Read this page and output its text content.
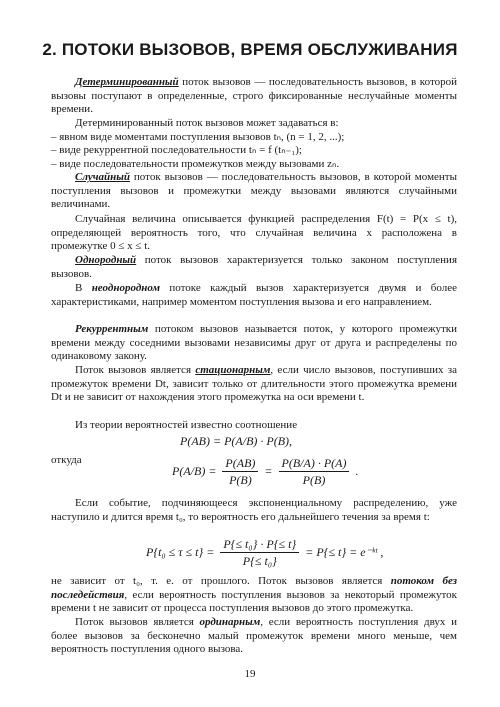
2. ПОТОКИ ВЫЗОВОВ, ВРЕМЯ ОБСЛУЖИВАНИЯ

Детерминированный поток вызовов — последовательность вызовов, в которой вызовы поступают в определенные, строго фиксированные неслучайные моменты времени.

Детерминированный поток вызовов может задаваться в:
– явном виде моментами поступления вызовов tₙ, (n = 1, 2, ...);
– виде рекуррентной последовательности tₙ = f (tₙ₋₁);
– виде последовательности промежутков между вызовами zₙ.

Случайный поток вызовов — последовательность вызовов, в которой моменты поступления вызовов и промежутки между вызовами являются случайными величинами.

Случайная величина описывается функцией распределения F(t) = P(x ≤ t), определяющей вероятность того, что случайная величина x расположена в промежутке 0 ≤ x ≤ t.

Однородный поток вызовов характеризуется только законом поступления вызовов.

В неоднородном потоке каждый вызов характеризуется двумя и более характеристиками, например моментом поступления вызова и его направлением.

Рекуррентным потоком вызовов называется поток, у которого промежутки времени между соседними вызовами независимы друг от друга и распределены по одинаковому закону.

Поток вызовов является стационарным, если число вызовов, поступивших за промежуток времени Dt, зависит только от длительности этого промежутка времени Dt и не зависит от нахождения этого промежутка на оси времени t.

Из теории вероятностей известно соотношение

P(AB) = P(A/B) · P(B),

откуда

$P(A/B) = \frac{P(AB)}{P(B)} = \frac{P(B/A) \cdot P(A)}{P(B)}$ .

Если событие, подчиняющееся экспоненциальному распределению, уже наступило и длится время t₀, то вероятность его дальнейшего течения за время t:

$P\{t_0 \le \tau \le t\} = \frac{\text{P\{≤ t₀\} · P\{≤ t\}}}{\text{P\{≤ t₀\}}} = P\{\le t\}$ = e⁻ᵏᵗ ,

не зависит от t₀, т. е. от прошлого. Поток вызовов является потоком без последействия, если вероятность поступления вызовов за некоторый промежуток времени t не зависит от процесса поступления вызовов до этого промежутка.

Поток вызовов является ординарным, если вероятность поступления двух и более вызовов за бесконечно малый промежуток времени много меньше, чем вероятность поступления одного вызова.

19
